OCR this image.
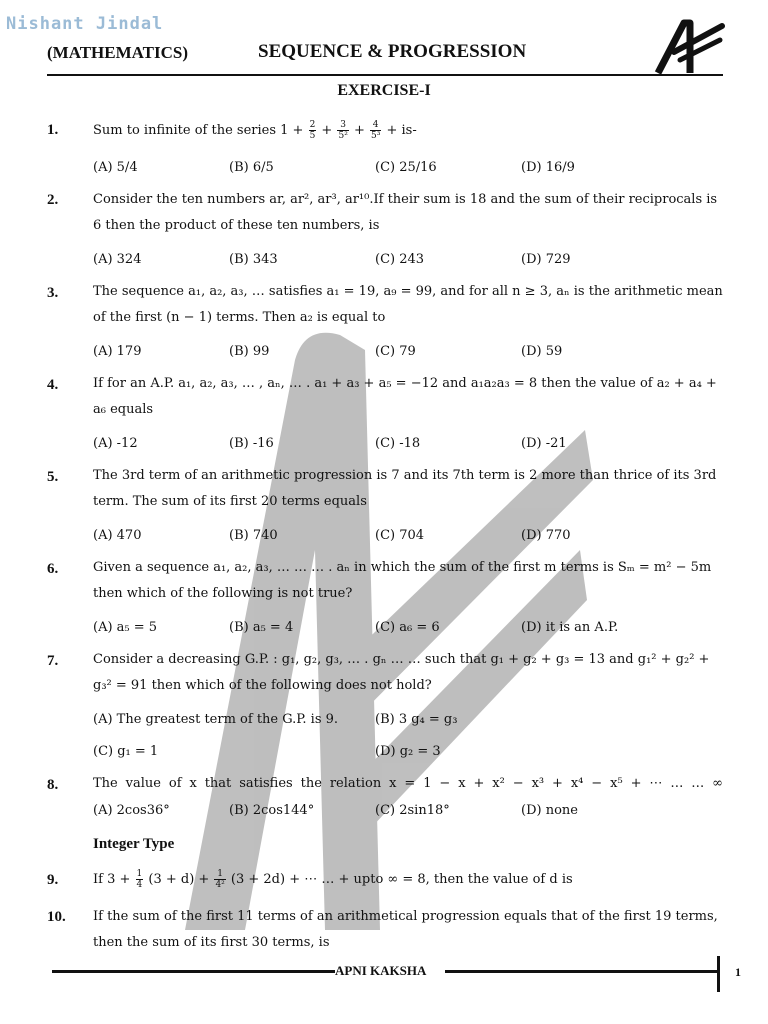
Nishant Jindal
(MATHEMATICS)	SEQUENCE & PROGRESSION
EXERCISE-I
1.	Sum to infinite of the series $1 + \frac{2}{5} + \frac{3}{\text{5²}} + \frac{4}{\text{5³}} + is-$
(A) 5/4	(B) 6/5	(C) 25/16	(D) 16/9
2.	Consider the ten numbers ar, ar², ar³, ar¹⁰.If their sum is 18 and the sum of their reciprocals is 6 then the product of these ten numbers, is
(A) 324	(B) 343	(C) 243	(D) 729
3.	The sequence a₁, a₂, a₃, … satisfies a₁ = 19, a₉ = 99, and for all n ≥ 3, aₙ is the arithmetic mean of the first (n − 1) terms. Then a₂ is equal to
(A) 179	(B) 99	(C) 79	(D) 59
4.	If for an A.P. a₁, a₂, a₃, … , aₙ, … . a₁ + a₃ + a₅ = −12 and a₁a₂a₃ = 8 then the value of a₂ + a₄ + a₆ equals
(A) -12	(B) -16	(C) -18	(D) -21
5.	The 3rd term of an arithmetic progression is 7 and its 7th term is 2 more than thrice of its 3rd term. The sum of its first 20 terms equals
(A) 470	(B) 740	(C) 704	(D) 770
6.	Given a sequence a₁, a₂, a₃, … … … . aₙ in which the sum of the first m terms is Sₘ = m² − 5m then which of the following is not true?
(A) a₅ = 5	(B) a₅ = 4	(C) a₆ = 6	(D) it is an A.P.
7.	Consider a decreasing G.P. : g₁, g₂, g₃, … . gₙ … … such that g₁ + g₂ + g₃ = 13 and g₁² + g₂² + g₃² = 91 then which of the following does not hold?
(A) The greatest term of the G.P. is 9.	(B) 3 g₄ = g₃
(C) g₁ = 1	(D) g₂ = 3
8.	The value of x that satisfies the relation x = 1 − x + x² − x³ + x⁴ − x⁵ + ⋯ … … ∞
(A) 2cos36°	(B) 2cos144°	(C) 2sin18°	(D) none
Integer Type
9.	If $3 + \frac{1}{4} (3 + d) + \frac{1}{\text{4²}} (3 + 2d)$ + ⋯ … + upto ∞ = 8, then the value of d is
10. If the sum of the first 11 terms of an arithmetical progression equals that of the first 19 terms, then the sum of its first 30 terms, is
APNI KAKSHA	1
